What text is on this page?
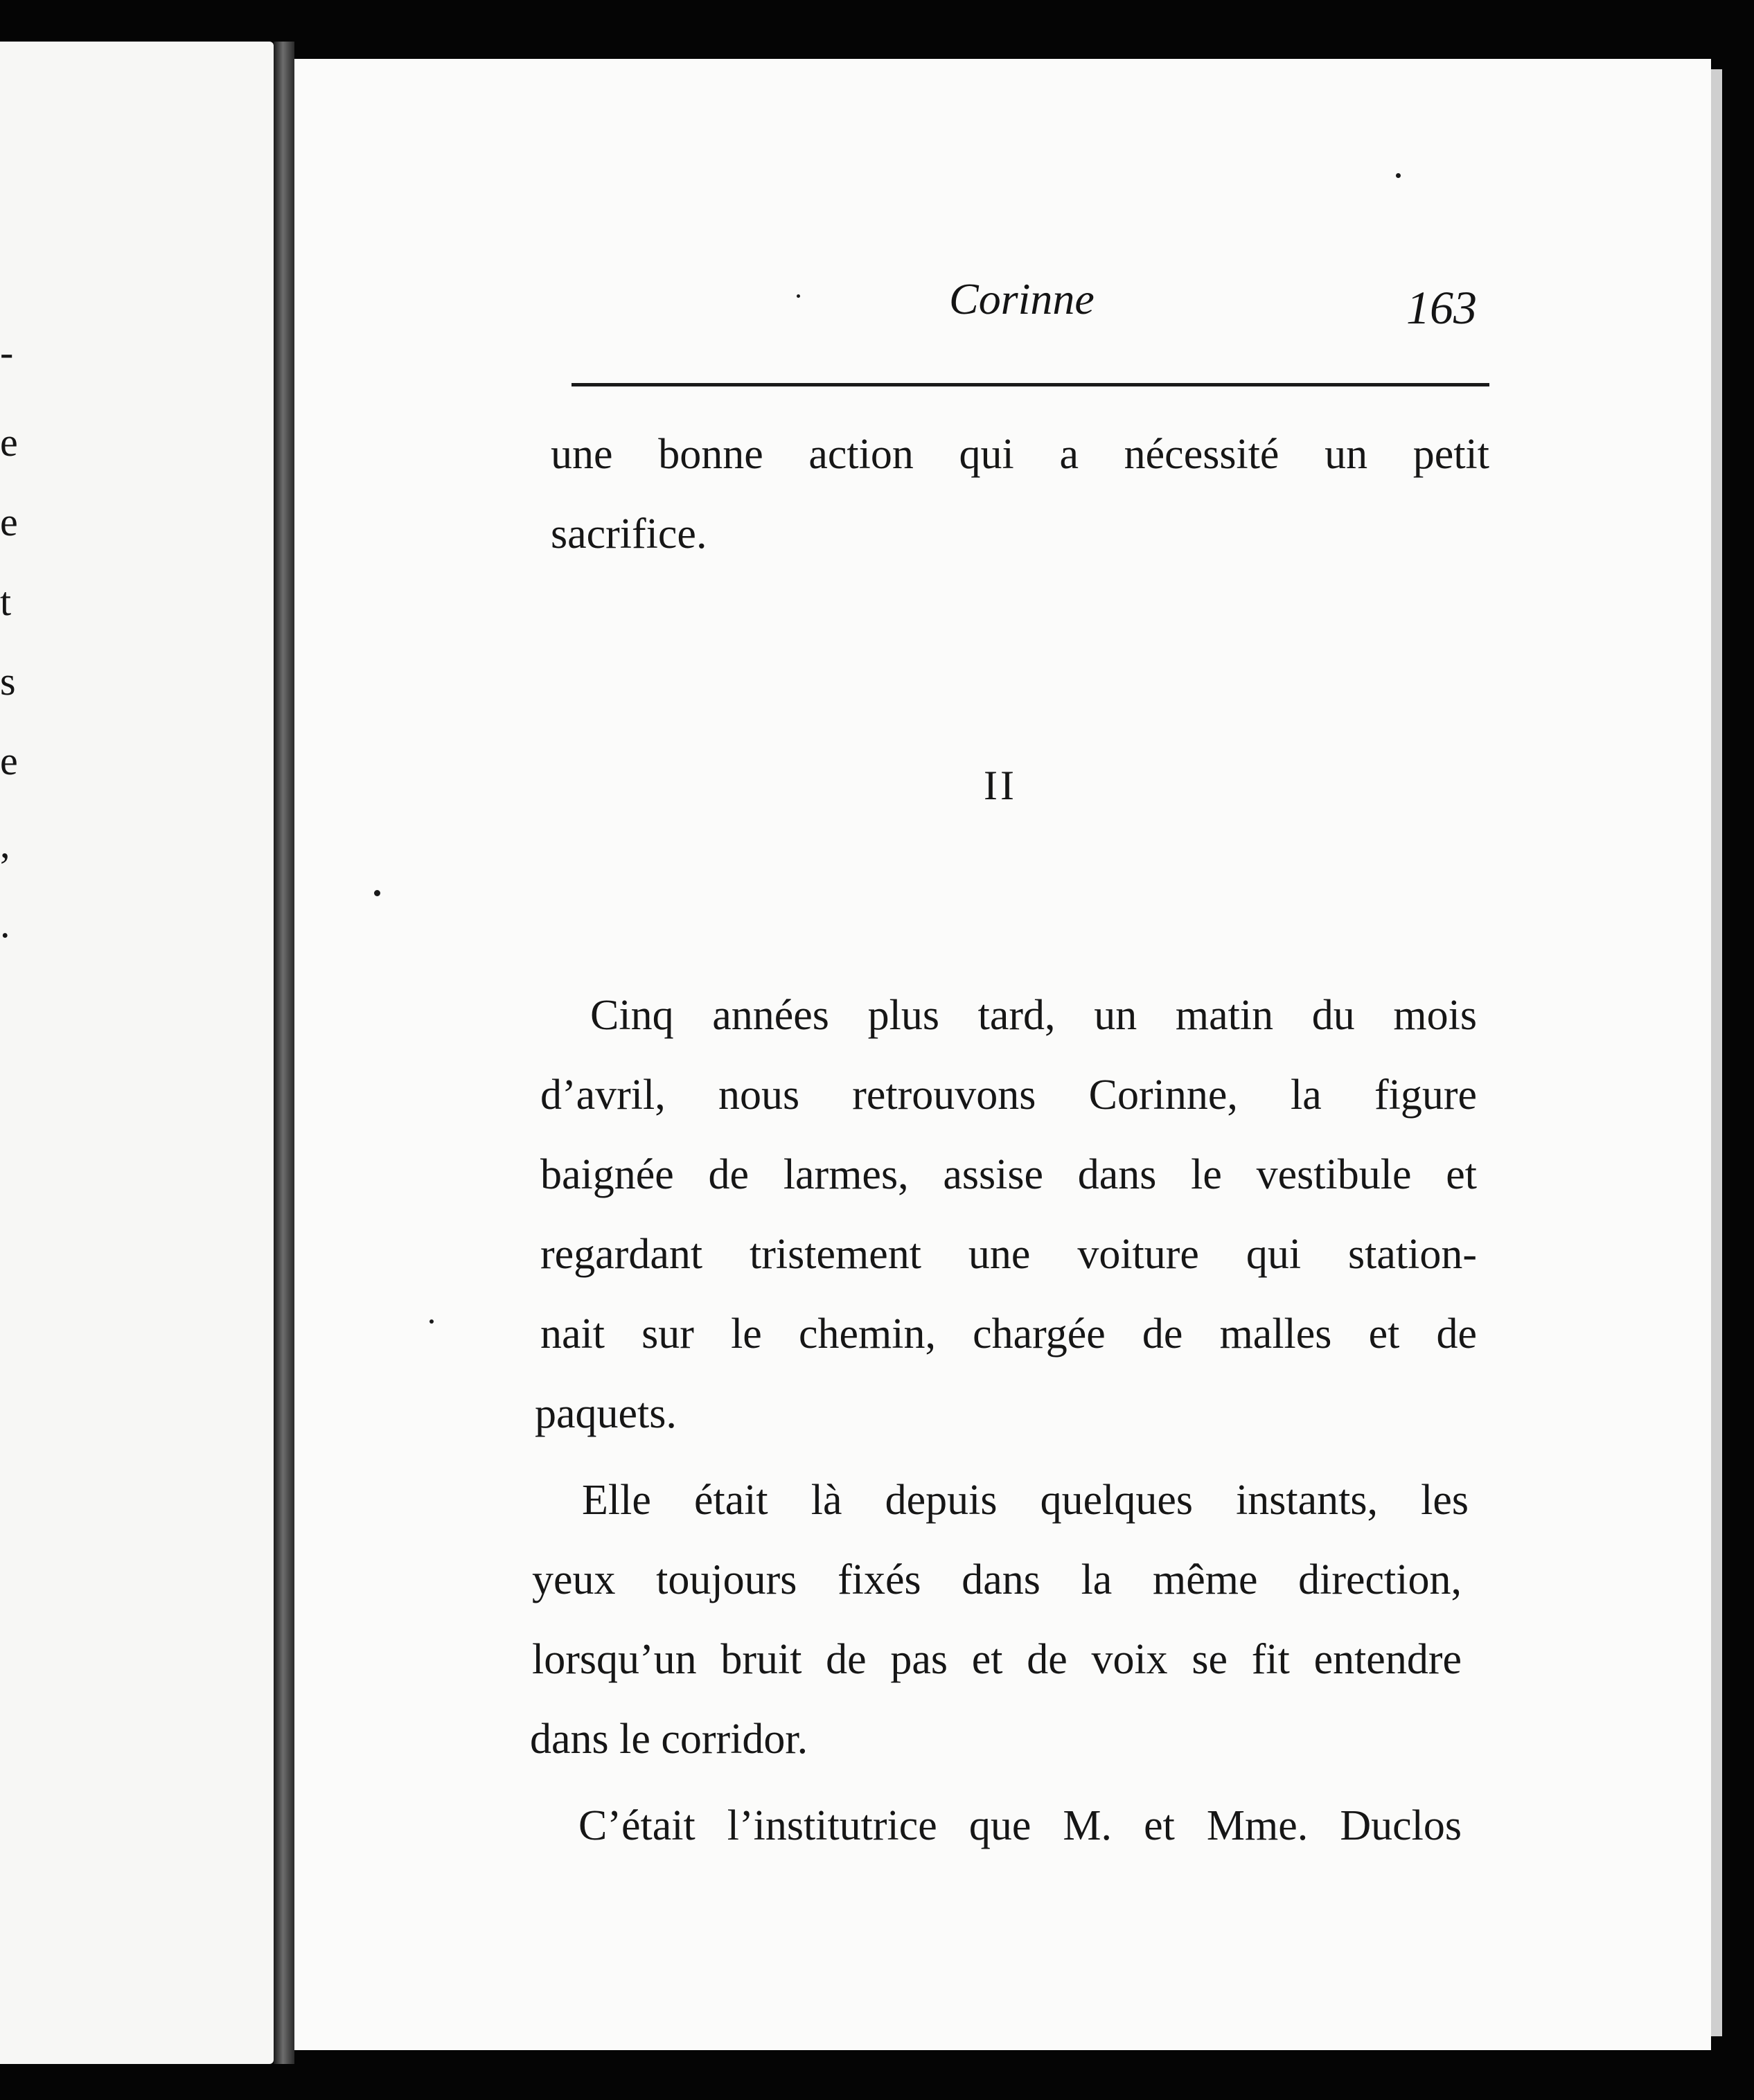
-
e
e
t
s
e
,
.
Corinne	163
une bonne action qui a nécessité un petit
sacrifice.
II
Cinq années plus tard, un matin du mois
d’avril, nous retrouvons Corinne, la figure
baignée de larmes, assise dans le vestibule et
regardant tristement une voiture qui station-
nait sur le chemin, chargée de malles et de
paquets.
Elle était là depuis quelques instants, les
yeux toujours fixés dans la même direction,
lorsqu’un bruit de pas et de voix se fit entendre
dans le corridor.
C’était l’institutrice que M. et Mme. Duclos
